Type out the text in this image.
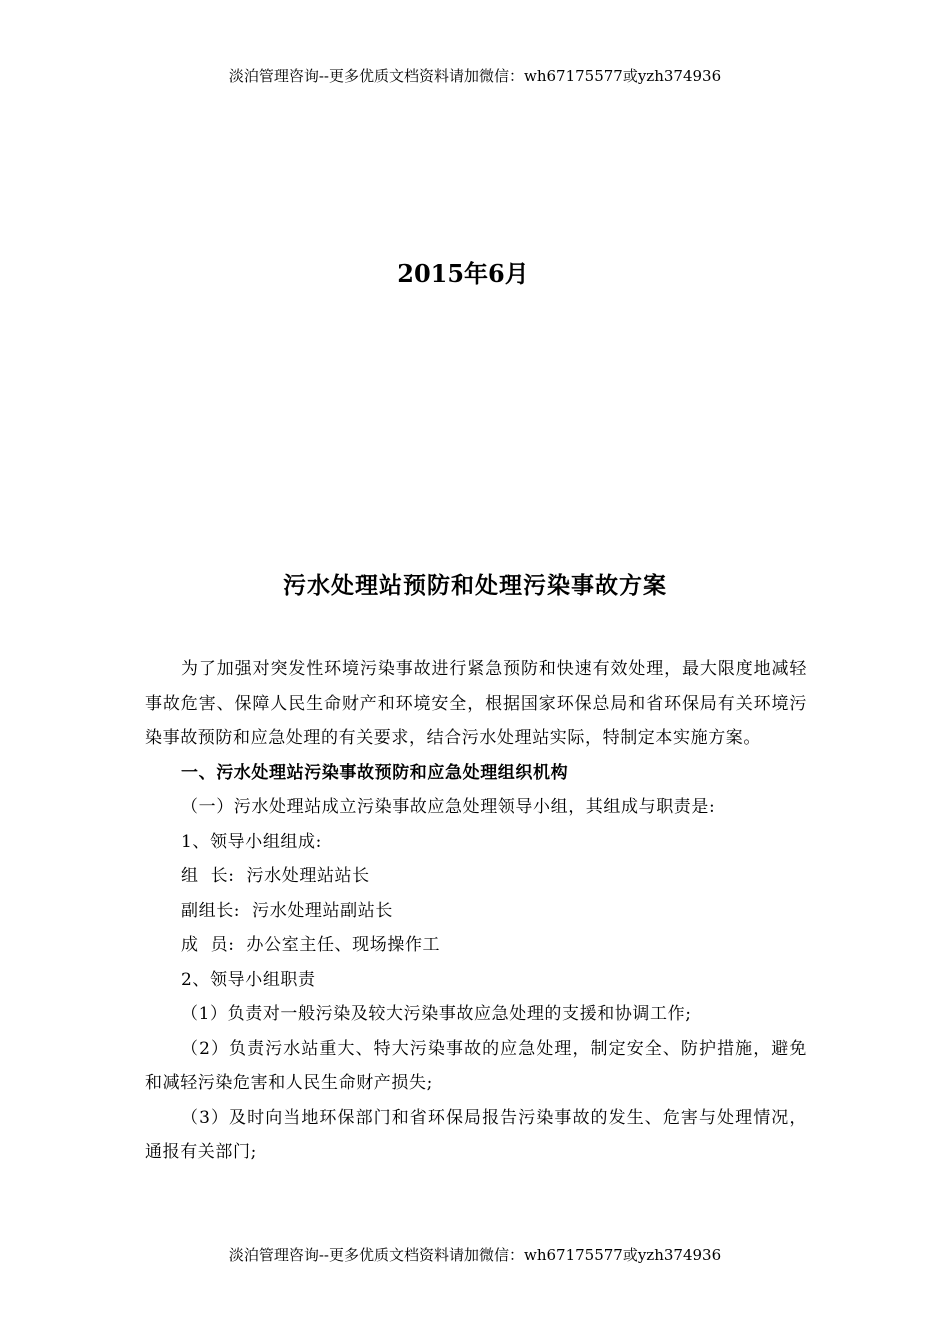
淡泊管理咨询--更多优质文档资料请加微信：wh67175577或yzh374936
2015年6月
污水处理站预防和处理污染事故方案

为了加强对突发性环境污染事故进行紧急预防和快速有效处理，最大限度地减轻事故危害、保障人民生命财产和环境安全，根据国家环保总局和省环保局有关环境污染事故预防和应急处理的有关要求，结合污水处理站实际，特制定本实施方案。

一、污水处理站污染事故预防和应急处理组织机构

（一）污水处理站成立污染事故应急处理领导小组，其组成与职责是:

1、领导小组组成:

组  长:  污水处理站站长

副组长:  污水处理站副站长

成  员:  办公室主任、现场操作工

2、领导小组职责

（1）负责对一般污染及较大污染事故应急处理的支援和协调工作;

（2）负责污水站重大、特大污染事故的应急处理，制定安全、防护措施，避免和减轻污染危害和人民生命财产损失;

（3）及时向当地环保部门和省环保局报告污染事故的发生、危害与处理情况，通报有关部门;

淡泊管理咨询--更多优质文档资料请加微信：wh67175577或yzh374936
